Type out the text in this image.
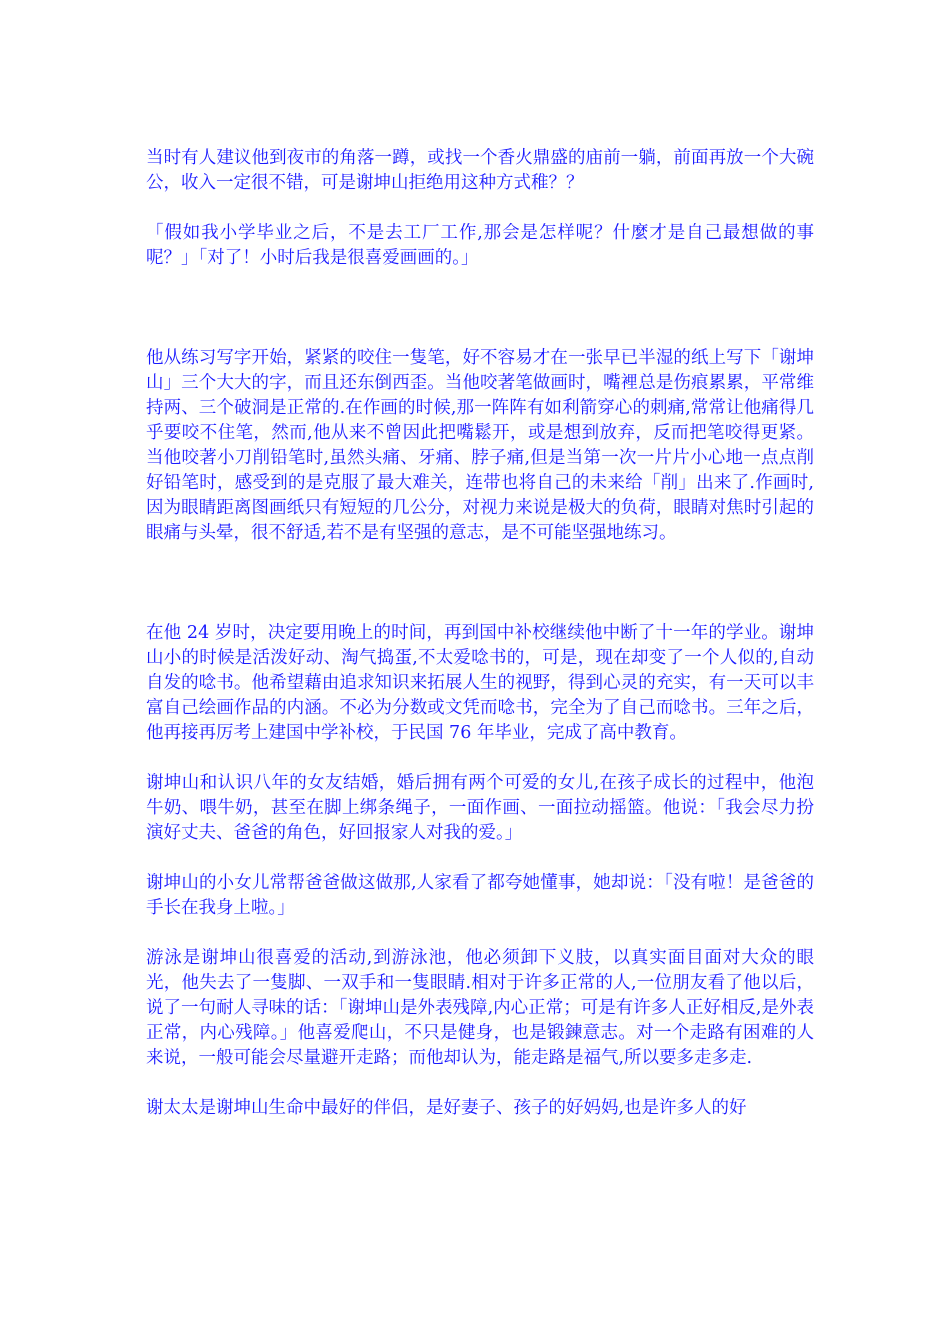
当时有人建议他到夜市的角落一蹲，或找一个香火鼎盛的庙前一躺，前面再放一个大碗公，收入一定很不错，可是谢坤山拒绝用这种方式稚？？

「假如我小学毕业之后，不是去工厂工作,那会是怎样呢？什麼才是自己最想做的事呢？」「对了！小时后我是很喜爱画画的。」

他从练习写字开始，紧紧的咬住一隻笔，好不容易才在一张早已半湿的纸上写下「谢坤山」三个大大的字，而且还东倒西歪。当他咬著笔做画时，嘴裡总是伤痕累累，平常维持两、三个破洞是正常的.在作画的时候,那一阵阵有如利箭穿心的刺痛,常常让他痛得几乎要咬不住笔，然而,他从来不曾因此把嘴鬆开，或是想到放弃，反而把笔咬得更紧。当他咬著小刀削铅笔时,虽然头痛、牙痛、脖子痛,但是当第一次一片片小心地一点点削好铅笔时，感受到的是克服了最大难关，连带也将自己的未来给「削」出来了.作画时,因为眼睛距离图画纸只有短短的几公分，对视力来说是极大的负荷，眼睛对焦时引起的眼痛与头晕，很不舒适,若不是有坚强的意志，是不可能坚强地练习。

在他 24 岁时，决定要用晚上的时间，再到国中补校继续他中断了十一年的学业。谢坤山小的时候是活泼好动、淘气捣蛋,不太爱唸书的，可是，现在却变了一个人似的,自动自发的唸书。他希望藉由追求知识来拓展人生的视野，得到心灵的充实，有一天可以丰富自己绘画作品的内涵。不必为分数或文凭而唸书，完全为了自己而唸书。三年之后，他再接再厉考上建国中学补校，于民国 76 年毕业，完成了高中教育。

谢坤山和认识八年的女友结婚，婚后拥有两个可爱的女儿,在孩子成长的过程中，他泡牛奶、喂牛奶，甚至在脚上绑条绳子，一面作画、一面拉动摇篮。他说：「我会尽力扮演好丈夫、爸爸的角色，好回报家人对我的爱。」

谢坤山的小女儿常帮爸爸做这做那,人家看了都夸她懂事，她却说：「没有啦！是爸爸的手长在我身上啦。」

游泳是谢坤山很喜爱的活动,到游泳池，他必须卸下义肢，以真实面目面对大众的眼光，他失去了一隻脚、一双手和一隻眼睛.相对于许多正常的人,一位朋友看了他以后，说了一句耐人寻味的话：「谢坤山是外表残障,内心正常；可是有许多人正好相反,是外表正常，内心残障。」他喜爱爬山，不只是健身，也是锻鍊意志。对一个走路有困难的人来说，一般可能会尽量避开走路；而他却认为，能走路是福气,所以要多走多走.

谢太太是谢坤山生命中最好的伴侣，是好妻子、孩子的好妈妈,也是许多人的好
